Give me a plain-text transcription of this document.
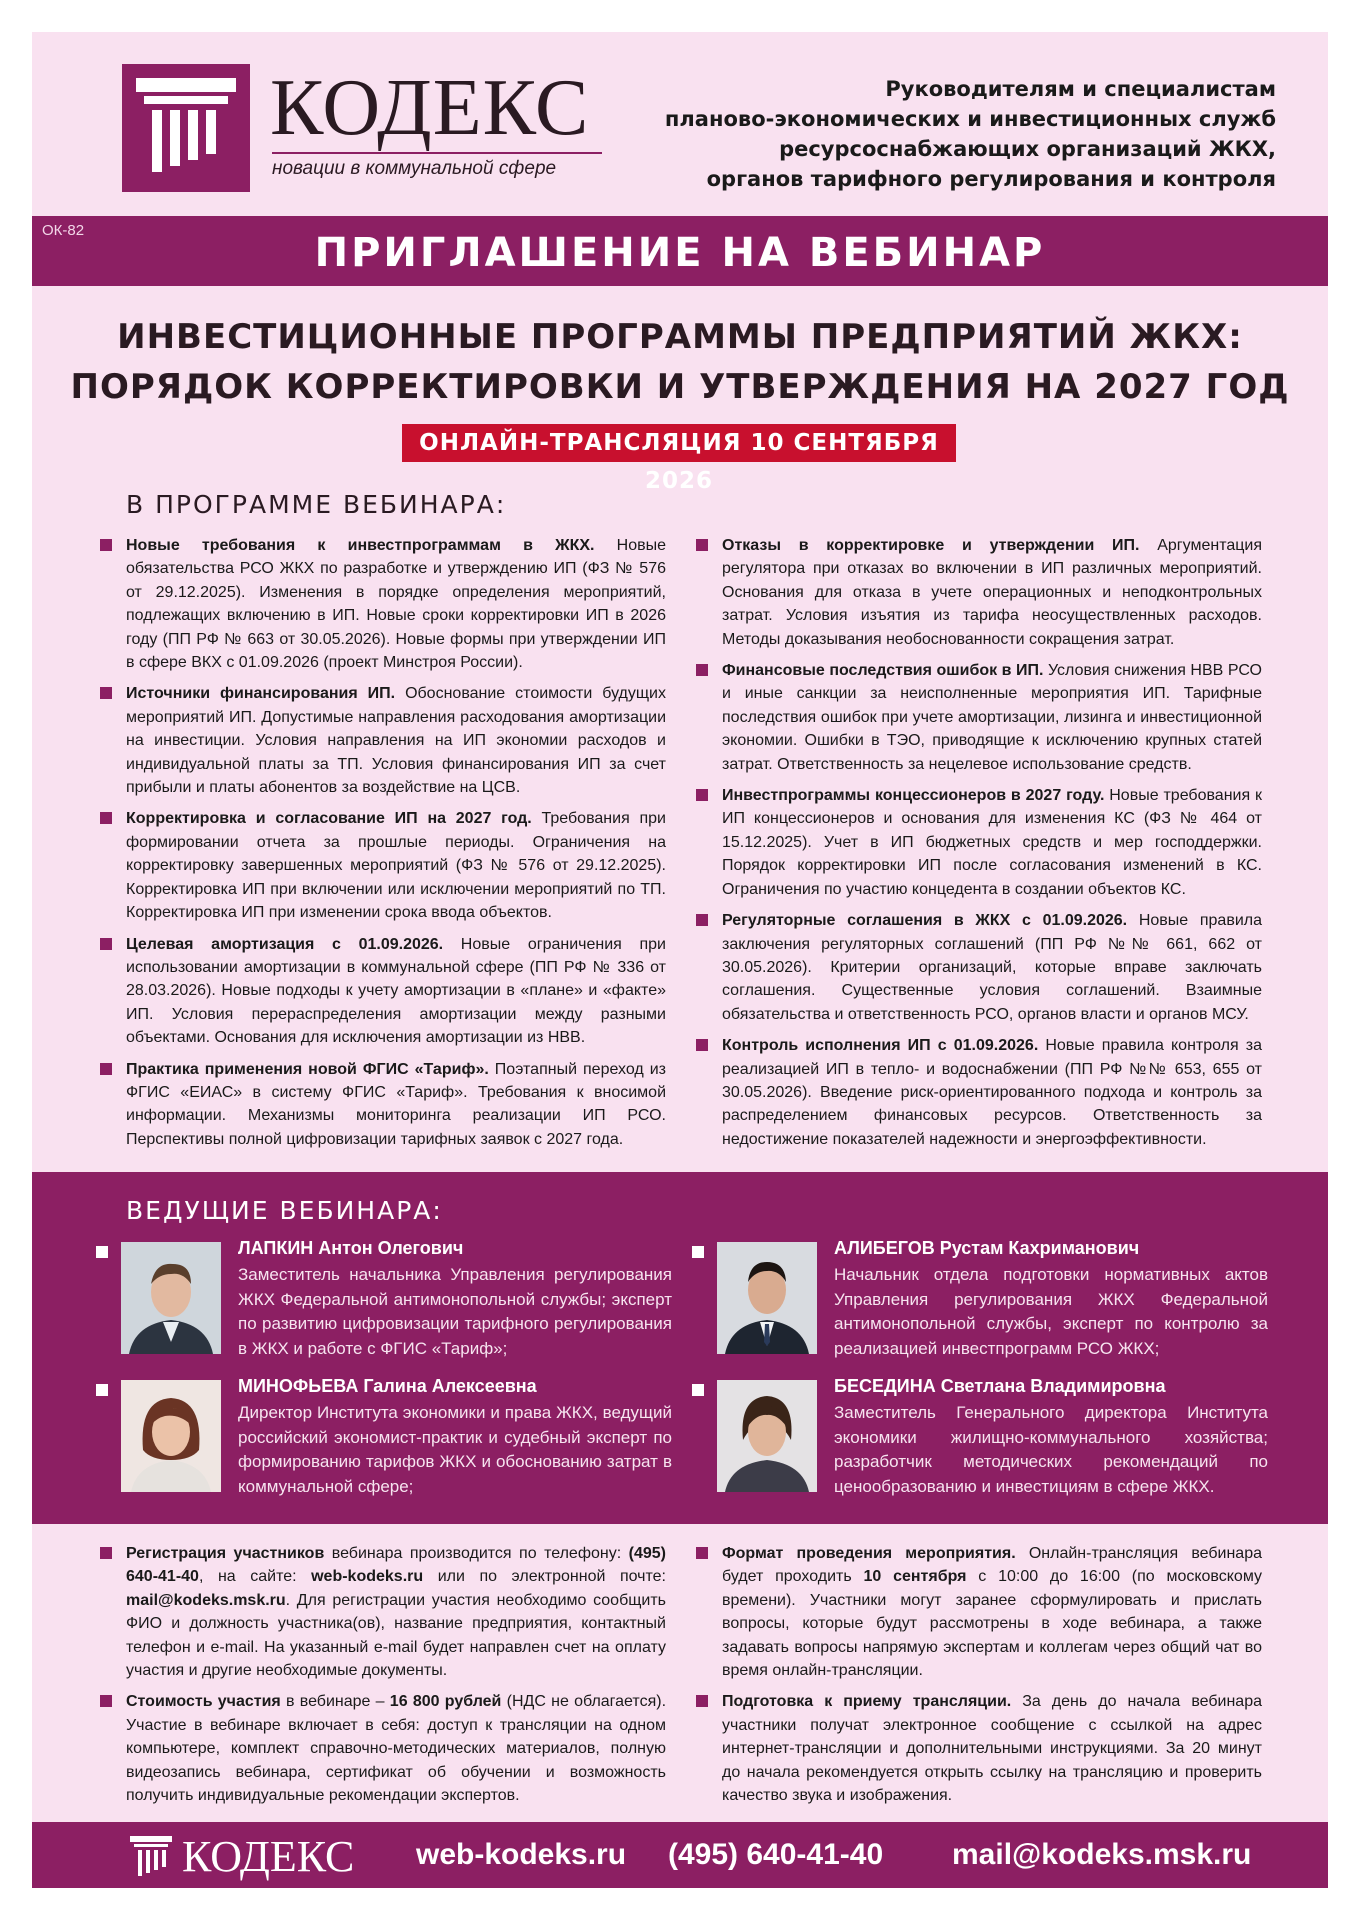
КОДЕКС
новации в коммунальной сфере
Руководителям и специалистам
планово-экономических и инвестиционных служб
ресурсоснабжающих организаций ЖКХ,
органов тарифного регулирования и контроля
ОК-82	ПРИГЛАШЕНИЕ НА ВЕБИНАР
ИНВЕСТИЦИОННЫЕ ПРОГРАММЫ ПРЕДПРИЯТИЙ ЖКХ:
ПОРЯДОК КОРРЕКТИРОВКИ И УТВЕРЖДЕНИЯ НА 2027 ГОД
ОНЛАЙН-ТРАНСЛЯЦИЯ 10 СЕНТЯБРЯ 2026
В ПРОГРАММЕ ВЕБИНАРА:
Новые требования к инвестпрограммам в ЖКХ. Новые обязательства РСО ЖКХ по разработке и утверждению ИП (ФЗ № 576 от 29.12.2025). Изменения в порядке определения мероприятий, подлежащих включению в ИП. Новые сроки корректировки ИП в 2026 году (ПП РФ № 663 от 30.05.2026). Новые формы при утверждении ИП в сфере ВКХ с 01.09.2026 (проект Минстроя России).
Источники финансирования ИП. Обоснование стоимости будущих мероприятий ИП. Допустимые направления расходования амортизации на инвестиции. Условия направления на ИП экономии расходов и индивидуальной платы за ТП. Условия финансирования ИП за счет прибыли и платы абонентов за воздействие на ЦСВ.
Корректировка и согласование ИП на 2027 год. Требования при формировании отчета за прошлые периоды. Ограничения на корректировку завершенных мероприятий (ФЗ № 576 от 29.12.2025). Корректировка ИП при включении или исключении мероприятий по ТП. Корректировка ИП при изменении срока ввода объектов.
Целевая амортизация с 01.09.2026. Новые ограничения при использовании амортизации в коммунальной сфере (ПП РФ № 336 от 28.03.2026). Новые подходы к учету амортизации в «плане» и «факте» ИП. Условия перераспределения амортизации между разными объектами. Основания для исключения амортизации из НВВ.
Практика применения новой ФГИС «Тариф». Поэтапный переход из ФГИС «ЕИАС» в систему ФГИС «Тариф». Требования к вносимой информации. Механизмы мониторинга реализации ИП РСО. Перспективы полной цифровизации тарифных заявок с 2027 года.
Отказы в корректировке и утверждении ИП. Аргументация регулятора при отказах во включении в ИП различных мероприятий. Основания для отказа в учете операционных и неподконтрольных затрат. Условия изъятия из тарифа неосуществленных расходов. Методы доказывания необоснованности сокращения затрат.
Финансовые последствия ошибок в ИП. Условия снижения НВВ РСО и иные санкции за неисполненные мероприятия ИП. Тарифные последствия ошибок при учете амортизации, лизинга и инвестиционной экономии. Ошибки в ТЭО, приводящие к исключению крупных статей затрат. Ответственность за нецелевое использование средств.
Инвестпрограммы концессионеров в 2027 году. Новые требования к ИП концессионеров и основания для изменения КС (ФЗ № 464 от 15.12.2025). Учет в ИП бюджетных средств и мер господдержки. Порядок корректировки ИП после согласования изменений в КС. Ограничения по участию концедента в создании объектов КС.
Регуляторные соглашения в ЖКХ с 01.09.2026. Новые правила заключения регуляторных соглашений (ПП РФ №№ 661, 662 от 30.05.2026). Критерии организаций, которые вправе заключать соглашения. Существенные условия соглашений. Взаимные обязательства и ответственность РСО, органов власти и органов МСУ.
Контроль исполнения ИП с 01.09.2026. Новые правила контроля за реализацией ИП в тепло- и водоснабжении (ПП РФ №№ 653, 655 от 30.05.2026). Введение риск-ориентированного подхода и контроль за распределением финансовых ресурсов. Ответственность за недостижение показателей надежности и энергоэффективности.
ВЕДУЩИЕ ВЕБИНАРА:
ЛАПКИН Антон Олегович
Заместитель начальника Управления регулирования ЖКХ Федеральной антимонопольной службы; эксперт по развитию цифровизации тарифного регулирования в ЖКХ и работе с ФГИС «Тариф»;
АЛИБЕГОВ Рустам Кахриманович
Начальник отдела подготовки нормативных актов Управления регулирования ЖКХ Федеральной антимонопольной службы, эксперт по контролю за реализацией инвестпрограмм РСО ЖКХ;
МИНОФЬЕВА Галина Алексеевна
Директор Института экономики и права ЖКХ, ведущий российский экономист-практик и судебный эксперт по формированию тарифов ЖКХ и обоснованию затрат в коммунальной сфере;
БЕСЕДИНА Светлана Владимировна
Заместитель Генерального директора Института экономики жилищно-коммунального хозяйства; разработчик методических рекомендаций по ценообразованию и инвестициям в сфере ЖКХ.
Регистрация участников вебинара производится по телефону: (495) 640-41-40, на сайте: web-kodeks.ru или по электронной почте: mail@kodeks.msk.ru. Для регистрации участия необходимо сообщить ФИО и должность участника(ов), название предприятия, контактный телефон и e-mail. На указанный e-mail будет направлен счет на оплату участия и другие необходимые документы.
Стоимость участия в вебинаре – 16 800 рублей (НДС не облагается). Участие в вебинаре включает в себя: доступ к трансляции на одном компьютере, комплект справочно-методических материалов, полную видеозапись вебинара, сертификат об обучении и возможность получить индивидуальные рекомендации экспертов.
Формат проведения мероприятия. Онлайн-трансляция вебинара будет проходить 10 сентября с 10:00 до 16:00 (по московскому времени). Участники могут заранее сформулировать и прислать вопросы, которые будут рассмотрены в ходе вебинара, а также задавать вопросы напрямую экспертам и коллегам через общий чат во время онлайн-трансляции.
Подготовка к приему трансляции. За день до начала вебинара участники получат электронное сообщение с ссылкой на адрес интернет-трансляции и дополнительными инструкциями. За 20 минут до начала рекомендуется открыть ссылку на трансляцию и проверить качество звука и изображения.
КОДЕКС web-kodeks.ru (495) 640-41-40 mail@kodeks.msk.ru
